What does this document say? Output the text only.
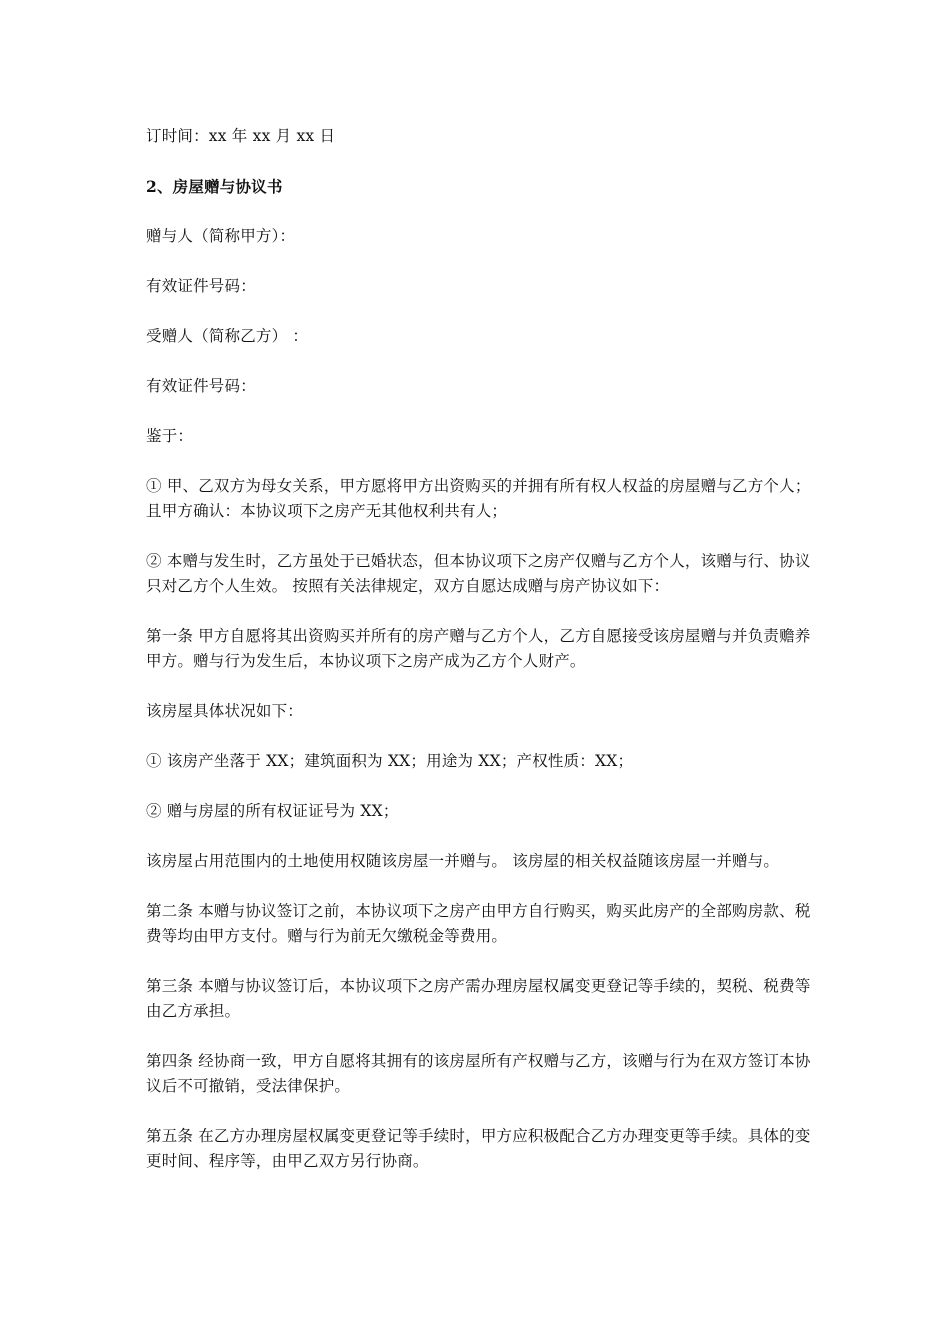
订时间：xx 年 xx 月 xx 日

2、房屋赠与协议书

赠与人（简称甲方）：

有效证件号码：

受赠人（简称乙方） ：

有效证件号码：

鉴于：

① 甲、乙双方为母女关系，甲方愿将甲方出资购买的并拥有所有权人权益的房屋赠与乙方个人；且甲方确认：本协议项下之房产无其他权利共有人；

② 本赠与发生时，乙方虽处于已婚状态，但本协议项下之房产仅赠与乙方个人，该赠与行、协议只对乙方个人生效。 按照有关法律规定，双方自愿达成赠与房产协议如下：

第一条 甲方自愿将其出资购买并所有的房产赠与乙方个人，乙方自愿接受该房屋赠与并负责赡养甲方。赠与行为发生后，本协议项下之房产成为乙方个人财产。

该房屋具体状况如下：

① 该房产坐落于 XX；建筑面积为 XX；用途为 XX；产权性质：XX；

② 赠与房屋的所有权证证号为 XX；

该房屋占用范围内的土地使用权随该房屋一并赠与。 该房屋的相关权益随该房屋一并赠与。

第二条 本赠与协议签订之前，本协议项下之房产由甲方自行购买，购买此房产的全部购房款、税费等均由甲方支付。赠与行为前无欠缴税金等费用。

第三条 本赠与协议签订后，本协议项下之房产需办理房屋权属变更登记等手续的，契税、税费等由乙方承担。

第四条 经协商一致，甲方自愿将其拥有的该房屋所有产权赠与乙方，该赠与行为在双方签订本协议后不可撤销，受法律保护。

第五条 在乙方办理房屋权属变更登记等手续时，甲方应积极配合乙方办理变更等手续。具体的变更时间、程序等，由甲乙双方另行协商。
